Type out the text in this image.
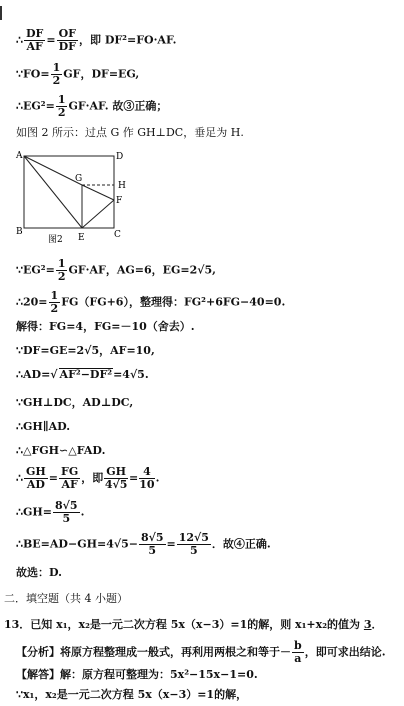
∴ $\frac{DF}{AF} = \frac{OF}{DF}$ ，即 DF²=FO·AF.
∵FO= $\frac{1}{2}$ GF，DF=EG,
∴EG²= $\frac{1}{2} GF\cdot AF$. 故③正确；
如图 2 所示：过点 G 作 GH⊥DC，垂足为 H.
A	D
B	C
E
F
G
H
图2
∵EG²= $\frac{1}{2} GF\cdot AF$，AG=6，EG=2√5,
∴20= $\frac{1}{2} FG(FG+6)$，整理得：FG²+6FG−40=0.
解得：FG=4，FG=－10（舍去）.
∵DF=GE=2√5，AF=10,
∴AD=√ AF²−DF²=4√5.
∵GH⊥DC，AD⊥DC,
∴GH∥AD.
∴△FGH∽△FAD.
∴ $\frac{GH}{AD} = \frac{FG}{AF}$ ，即 $\frac{GH}{4√5} = \frac{4}{10}$ .
∴GH= $\frac{8√5}{5}$ .
∴BE=AD−GH=4√5− $\frac{8√5}{5} = \frac{12√5}{5}$ ．故④正确.
故选：D.
二．填空题（共 4 小题）
13．已知 x₁，x₂是一元二次方程 5x（x−3）=1的解，则 x₁+x₂的值为 3．
【分析】将原方程整理成一般式，再利用两根之和等于－ $\frac{b}{a}$ ，即可求出结论.
【解答】解：原方程可整理为：5x²−15x−1=0.
∵x₁，x₂是一元二次方程 5x（x−3）=1的解，
